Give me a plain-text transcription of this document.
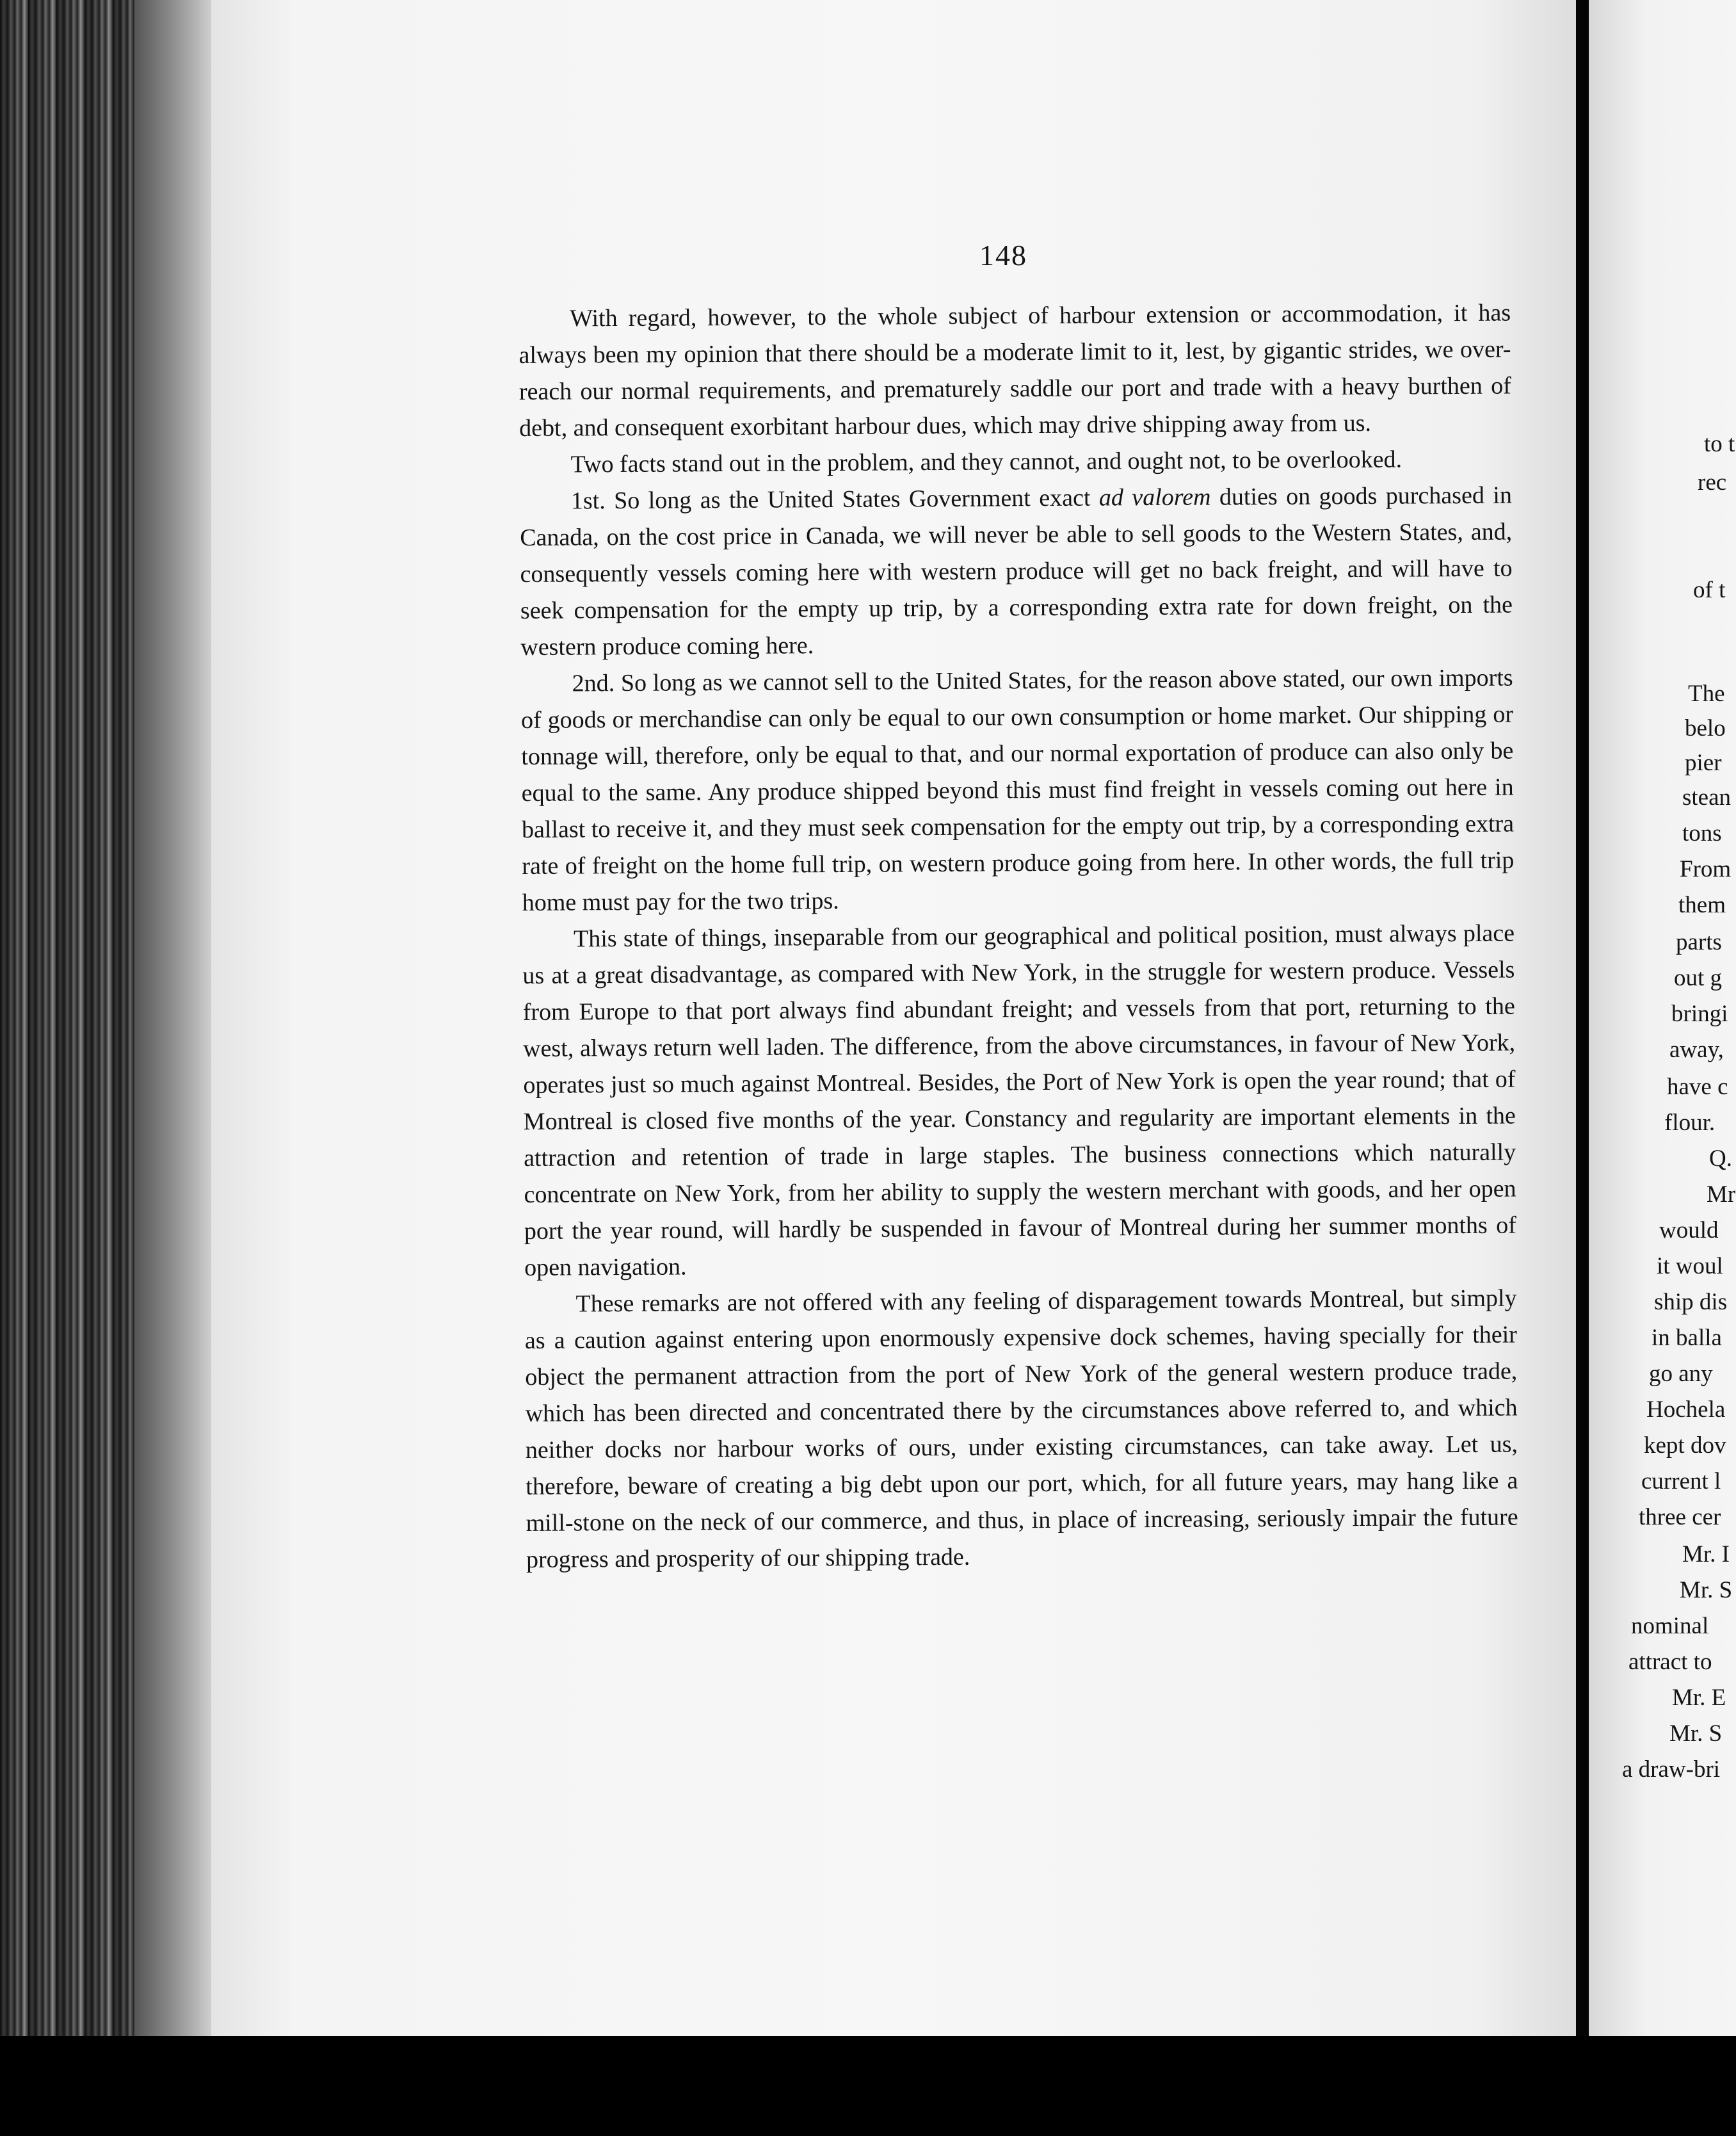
to t
rec
of t
The
belo
pier
stean
tons
From
them
parts
out g
bringi
away,
have c
flour.
Q.
Mr
would
it woul
ship dis
in balla
go any
Hochela
kept dov
current l
three cer
Mr. I
Mr. S
nominal
attract to
Mr. E
Mr. S
a draw-bri
148

With regard, however, to the whole subject of harbour extension or accommodation, it has always been my opinion that there should be a moderate limit to it, lest, by gigantic strides, we over-reach our normal requirements, and prematurely saddle our port and trade with a heavy burthen of debt, and consequent exorbitant harbour dues, which may drive shipping away from us.

Two facts stand out in the problem, and they cannot, and ought not, to be overlooked.

1st. So long as the United States Government exact ad valorem duties on goods purchased in Canada, on the cost price in Canada, we will never be able to sell goods to the Western States, and, consequently vessels coming here with western produce will get no back freight, and will have to seek compensation for the empty up trip, by a corresponding extra rate for down freight, on the western produce coming here.

2nd. So long as we cannot sell to the United States, for the reason above stated, our own imports of goods or merchandise can only be equal to our own consumption or home market. Our shipping or tonnage will, therefore, only be equal to that, and our normal exportation of produce can also only be equal to the same. Any produce shipped beyond this must find freight in vessels coming out here in ballast to receive it, and they must seek compensation for the empty out trip, by a corresponding extra rate of freight on the home full trip, on western produce going from here. In other words, the full trip home must pay for the two trips.

This state of things, inseparable from our geographical and political position, must always place us at a great disadvantage, as compared with New York, in the struggle for western produce. Vessels from Europe to that port always find abundant freight; and vessels from that port, returning to the west, always return well laden. The difference, from the above circumstances, in favour of New York, operates just so much against Montreal. Besides, the Port of New York is open the year round; that of Montreal is closed five months of the year. Constancy and regularity are important elements in the attraction and retention of trade in large staples. The business connections which naturally concentrate on New York, from her ability to supply the western merchant with goods, and her open port the year round, will hardly be suspended in favour of Montreal during her summer months of open navigation.

These remarks are not offered with any feeling of disparagement towards Montreal, but simply as a caution against entering upon enormously expensive dock schemes, having specially for their object the permanent attraction from the port of New York of the general western produce trade, which has been directed and concentrated there by the circumstances above referred to, and which neither docks nor harbour works of ours, under existing circumstances, can take away. Let us, therefore, beware of creating a big debt upon our port, which, for all future years, may hang like a mill-stone on the neck of our commerce, and thus, in place of increasing, seriously impair the future progress and prosperity of our shipping trade.
